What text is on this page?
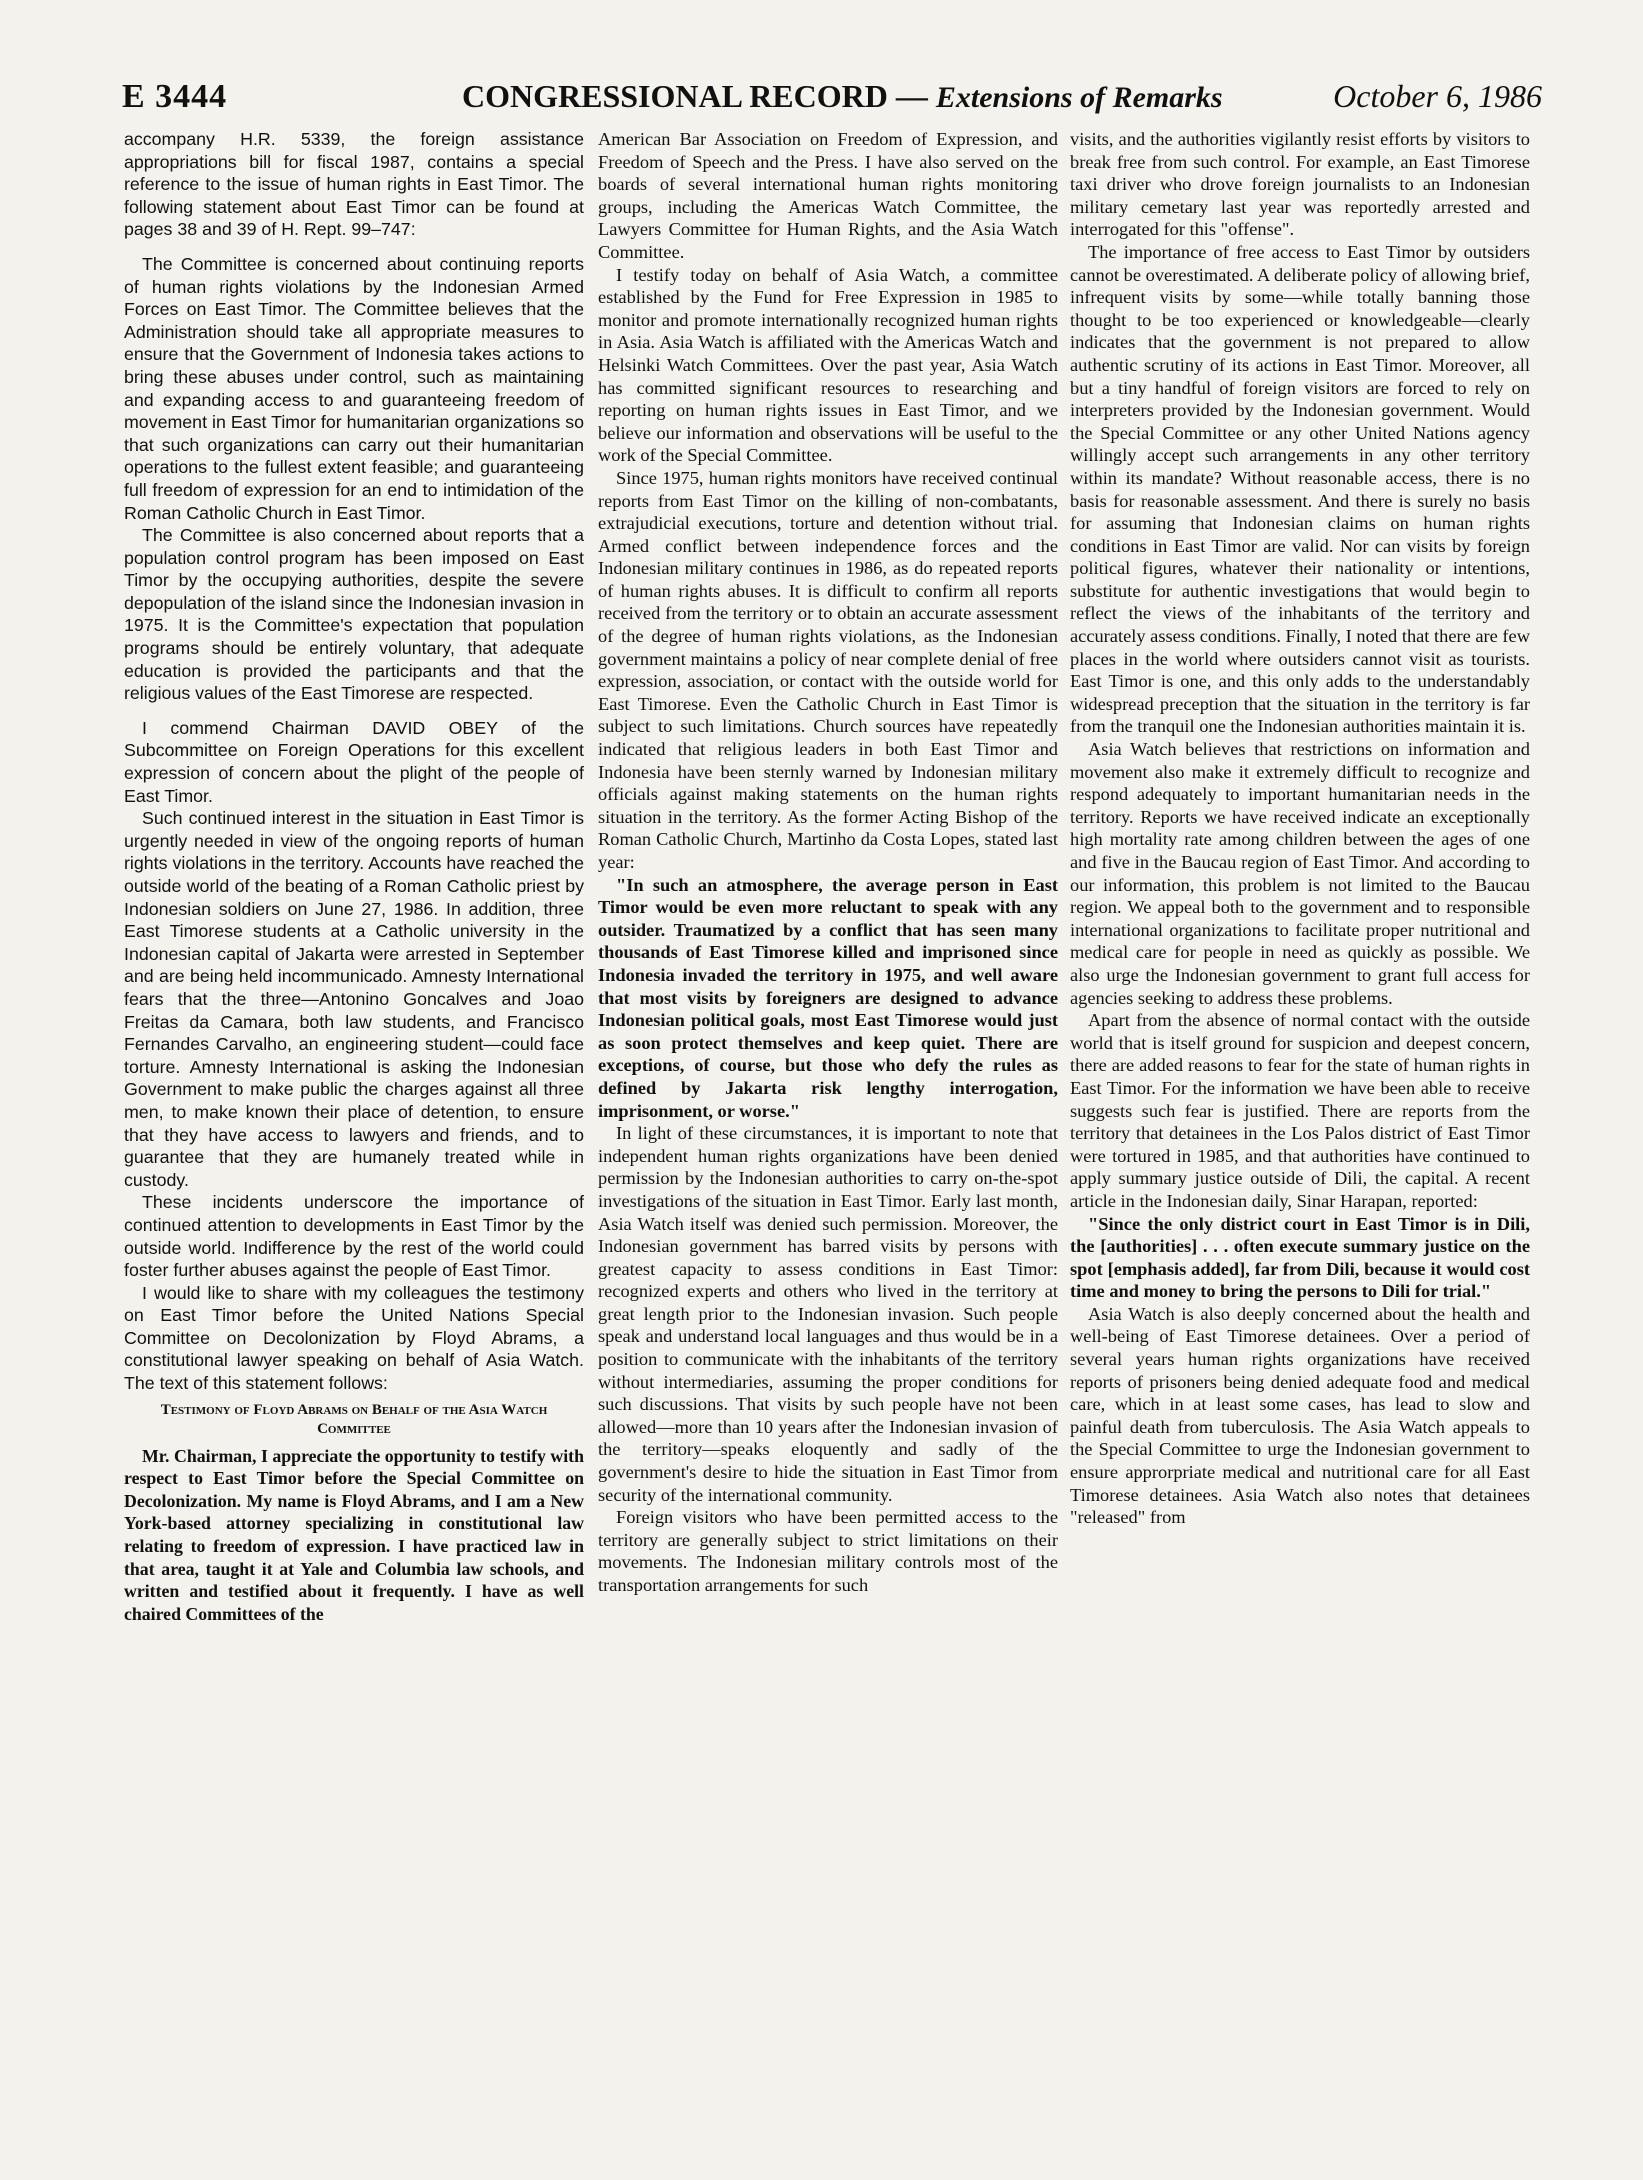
E 3444	CONGRESSIONAL RECORD — Extensions of Remarks	October 6, 1986

accompany H.R. 5339, the foreign assistance appropriations bill for fiscal 1987, contains a special reference to the issue of human rights in East Timor. The following statement about East Timor can be found at pages 38 and 39 of H. Rept. 99–747:

The Committee is concerned about continuing reports of human rights violations by the Indonesian Armed Forces on East Timor. The Committee believes that the Administration should take all appropriate measures to ensure that the Government of Indonesia takes actions to bring these abuses under control, such as maintaining and expanding access to and guaranteeing freedom of movement in East Timor for humanitarian organizations so that such organizations can carry out their humanitarian operations to the fullest extent feasible; and guaranteeing full freedom of expression for an end to intimidation of the Roman Catholic Church in East Timor.

The Committee is also concerned about reports that a population control program has been imposed on East Timor by the occupying authorities, despite the severe depopulation of the island since the Indonesian invasion in 1975. It is the Committee's expectation that population programs should be entirely voluntary, that adequate education is provided the participants and that the religious values of the East Timorese are respected.

I commend Chairman DAVID OBEY of the Subcommittee on Foreign Operations for this excellent expression of concern about the plight of the people of East Timor.

Such continued interest in the situation in East Timor is urgently needed in view of the ongoing reports of human rights violations in the territory. Accounts have reached the outside world of the beating of a Roman Catholic priest by Indonesian soldiers on June 27, 1986. In addition, three East Timorese students at a Catholic university in the Indonesian capital of Jakarta were arrested in September and are being held incommunicado. Amnesty International fears that the three—Antonino Goncalves and Joao Freitas da Camara, both law students, and Francisco Fernandes Carvalho, an engineering student—could face torture. Amnesty International is asking the Indonesian Government to make public the charges against all three men, to make known their place of detention, to ensure that they have access to lawyers and friends, and to guarantee that they are humanely treated while in custody.

These incidents underscore the importance of continued attention to developments in East Timor by the outside world. Indifference by the rest of the world could foster further abuses against the people of East Timor.

I would like to share with my colleagues the testimony on East Timor before the United Nations Special Committee on Decolonization by Floyd Abrams, a constitutional lawyer speaking on behalf of Asia Watch. The text of this statement follows:

Testimony of Floyd Abrams on Behalf of the Asia Watch Committee

Mr. Chairman, I appreciate the opportunity to testify with respect to East Timor before the Special Committee on Decolonization. My name is Floyd Abrams, and I am a New York-based attorney specializing in constitutional law relating to freedom of expression. I have practiced law in that area, taught it at Yale and Columbia law schools, and written and testified about it frequently. I have as well chaired Committees of the

American Bar Association on Freedom of Expression, and Freedom of Speech and the Press. I have also served on the boards of several international human rights monitoring groups, including the Americas Watch Committee, the Lawyers Committee for Human Rights, and the Asia Watch Committee.

I testify today on behalf of Asia Watch, a committee established by the Fund for Free Expression in 1985 to monitor and promote internationally recognized human rights in Asia. Asia Watch is affiliated with the Americas Watch and Helsinki Watch Committees. Over the past year, Asia Watch has committed significant resources to researching and reporting on human rights issues in East Timor, and we believe our information and observations will be useful to the work of the Special Committee.

Since 1975, human rights monitors have received continual reports from East Timor on the killing of non-combatants, extrajudicial executions, torture and detention without trial. Armed conflict between independence forces and the Indonesian military continues in 1986, as do repeated reports of human rights abuses. It is difficult to confirm all reports received from the territory or to obtain an accurate assessment of the degree of human rights violations, as the Indonesian government maintains a policy of near complete denial of free expression, association, or contact with the outside world for East Timorese. Even the Catholic Church in East Timor is subject to such limitations. Church sources have repeatedly indicated that religious leaders in both East Timor and Indonesia have been sternly warned by Indonesian military officials against making statements on the human rights situation in the territory. As the former Acting Bishop of the Roman Catholic Church, Martinho da Costa Lopes, stated last year:

"In such an atmosphere, the average person in East Timor would be even more reluctant to speak with any outsider. Traumatized by a conflict that has seen many thousands of East Timorese killed and imprisoned since Indonesia invaded the territory in 1975, and well aware that most visits by foreigners are designed to advance Indonesian political goals, most East Timorese would just as soon protect themselves and keep quiet. There are exceptions, of course, but those who defy the rules as defined by Jakarta risk lengthy interrogation, imprisonment, or worse."

In light of these circumstances, it is important to note that independent human rights organizations have been denied permission by the Indonesian authorities to carry on-the-spot investigations of the situation in East Timor. Early last month, Asia Watch itself was denied such permission. Moreover, the Indonesian government has barred visits by persons with greatest capacity to assess conditions in East Timor: recognized experts and others who lived in the territory at great length prior to the Indonesian invasion. Such people speak and understand local languages and thus would be in a position to communicate with the inhabitants of the territory without intermediaries, assuming the proper conditions for such discussions. That visits by such people have not been allowed—more than 10 years after the Indonesian invasion of the territory—speaks eloquently and sadly of the government's desire to hide the situation in East Timor from security of the international community.

Foreign visitors who have been permitted access to the territory are generally subject to strict limitations on their movements. The Indonesian military controls most of the transportation arrangements for such

visits, and the authorities vigilantly resist efforts by visitors to break free from such control. For example, an East Timorese taxi driver who drove foreign journalists to an Indonesian military cemetary last year was reportedly arrested and interrogated for this "offense".

The importance of free access to East Timor by outsiders cannot be overestimated. A deliberate policy of allowing brief, infrequent visits by some—while totally banning those thought to be too experienced or knowledgeable—clearly indicates that the government is not prepared to allow authentic scrutiny of its actions in East Timor. Moreover, all but a tiny handful of foreign visitors are forced to rely on interpreters provided by the Indonesian government. Would the Special Committee or any other United Nations agency willingly accept such arrangements in any other territory within its mandate? Without reasonable access, there is no basis for reasonable assessment. And there is surely no basis for assuming that Indonesian claims on human rights conditions in East Timor are valid. Nor can visits by foreign political figures, whatever their nationality or intentions, substitute for authentic investigations that would begin to reflect the views of the inhabitants of the territory and accurately assess conditions. Finally, I noted that there are few places in the world where outsiders cannot visit as tourists. East Timor is one, and this only adds to the understandably widespread preception that the situation in the territory is far from the tranquil one the Indonesian authorities maintain it is.

Asia Watch believes that restrictions on information and movement also make it extremely difficult to recognize and respond adequately to important humanitarian needs in the territory. Reports we have received indicate an exceptionally high mortality rate among children between the ages of one and five in the Baucau region of East Timor. And according to our information, this problem is not limited to the Baucau region. We appeal both to the government and to responsible international organizations to facilitate proper nutritional and medical care for people in need as quickly as possible. We also urge the Indonesian government to grant full access for agencies seeking to address these problems.

Apart from the absence of normal contact with the outside world that is itself ground for suspicion and deepest concern, there are added reasons to fear for the state of human rights in East Timor. For the information we have been able to receive suggests such fear is justified. There are reports from the territory that detainees in the Los Palos district of East Timor were tortured in 1985, and that authorities have continued to apply summary justice outside of Dili, the capital. A recent article in the Indonesian daily, Sinar Harapan, reported:

"Since the only district court in East Timor is in Dili, the [authorities] . . . often execute summary justice on the spot [emphasis added], far from Dili, because it would cost time and money to bring the persons to Dili for trial."

Asia Watch is also deeply concerned about the health and well-being of East Timorese detainees. Over a period of several years human rights organizations have received reports of prisoners being denied adequate food and medical care, which in at least some cases, has lead to slow and painful death from tuberculosis. The Asia Watch appeals to the Special Committee to urge the Indonesian government to ensure approrpriate medical and nutritional care for all East Timorese detainees. Asia Watch also notes that detainees "released" from
